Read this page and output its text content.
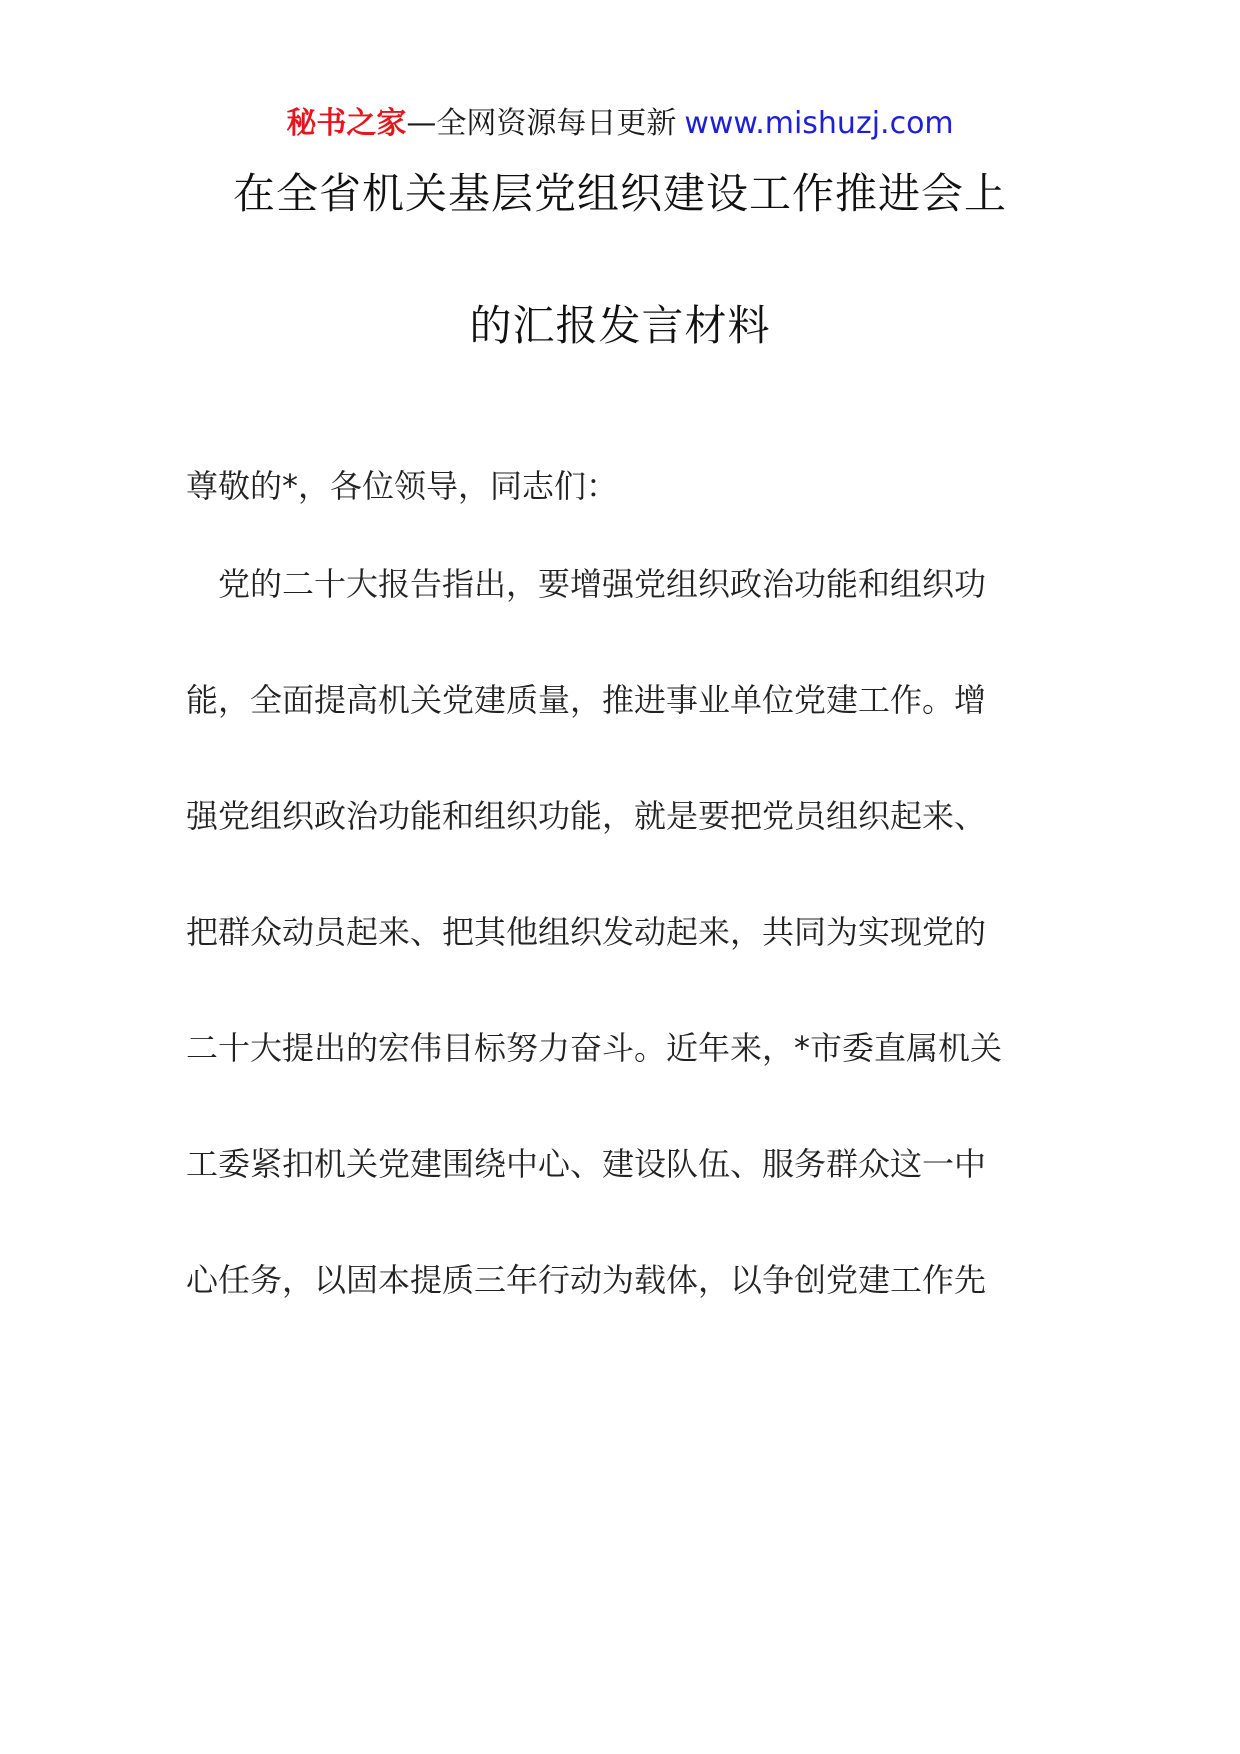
秘书之家—全网资源每日更新 www.mishuzj.com
在全省机关基层党组织建设工作推进会上
的汇报发言材料
尊敬的*，各位领导，同志们：
　党的二十大报告指出，要增强党组织政治功能和组织功
能，全面提高机关党建质量，推进事业单位党建工作。增
强党组织政治功能和组织功能，就是要把党员组织起来、
把群众动员起来、把其他组织发动起来，共同为实现党的
二十大提出的宏伟目标努力奋斗。近年来，*市委直属机关
工委紧扣机关党建围绕中心、建设队伍、服务群众这一中
心任务，以固本提质三年行动为载体，以争创党建工作先
